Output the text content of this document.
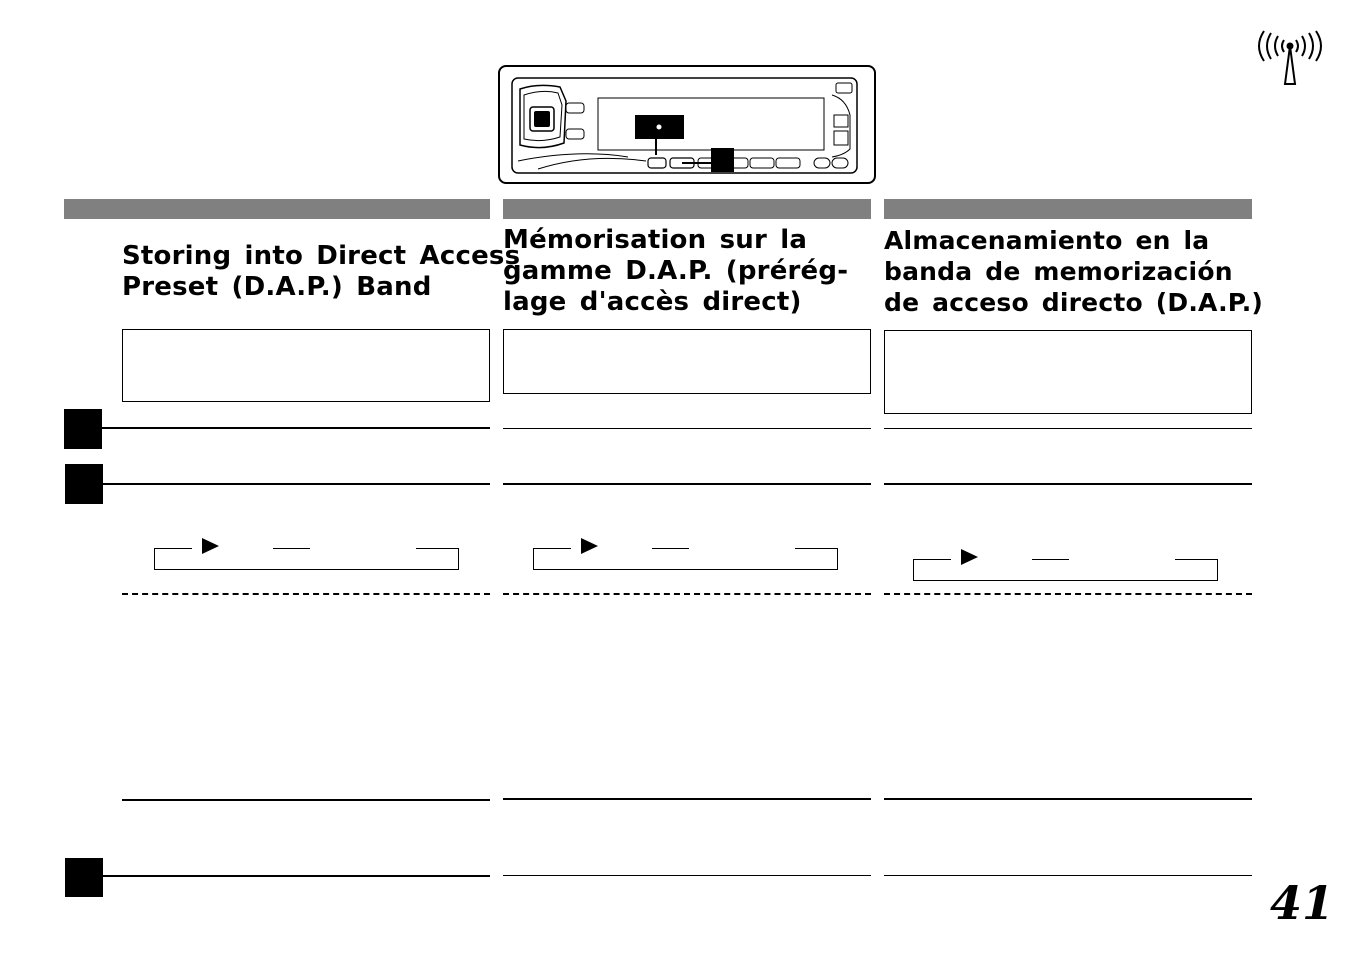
Storing into Direct Access
Preset (D.A.P.) Band
Mémorisation sur la
gamme D.A.P. (prérég-
lage d'accès direct)
Almacenamiento en la
banda de memorización
de acceso directo (D.A.P.)
41
